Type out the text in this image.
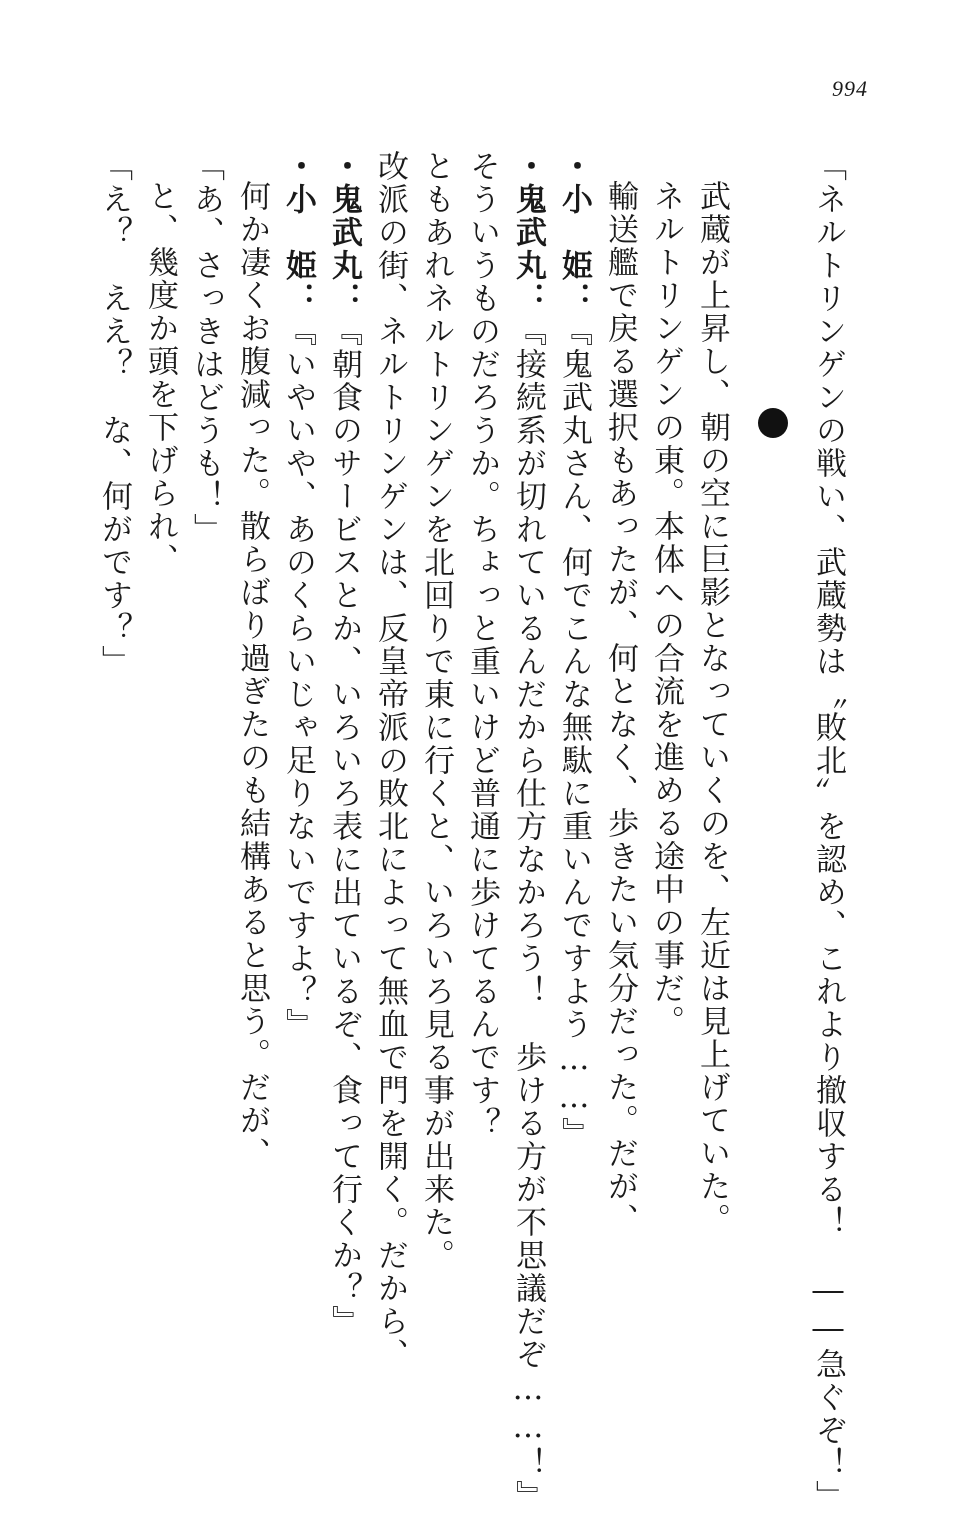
994
「ネルトリンゲンの戦い、武蔵勢は〝敗北〟を認め、これより撤収する！　――急ぐぞ！」
武蔵が上昇し、朝の空に巨影となっていくのを、左近は見上げていた。
ネルトリンゲンの東。本体への合流を進める途中の事だ。
輸送艦で戻る選択もあったが、何となく、歩きたい気分だった。だが、
・小　姫：『鬼武丸さん、何でこんな無駄に重いんですよう……』
・鬼武丸：『接続系が切れているんだから仕方なかろう！　歩ける方が不思議だぞ……！』
そういうものだろうか。ちょっと重いけど普通に歩けてるんです？
ともあれネルトリンゲンを北回りで東に行くと、いろいろ見る事が出来た。
改派の街、ネルトリンゲンは、反皇帝派の敗北によって無血で門を開く。だから、
・鬼武丸：『朝食のサービスとか、いろいろ表に出ているぞ、食って行くか？』
・小　姫：『いやいや、あのくらいじゃ足りないですよ？』
何か凄くお腹減った。散らばり過ぎたのも結構あると思う。だが、
「あ、さっきはどうも！」
と、幾度か頭を下げられ、
「え？　ええ？　な、何がです？」
